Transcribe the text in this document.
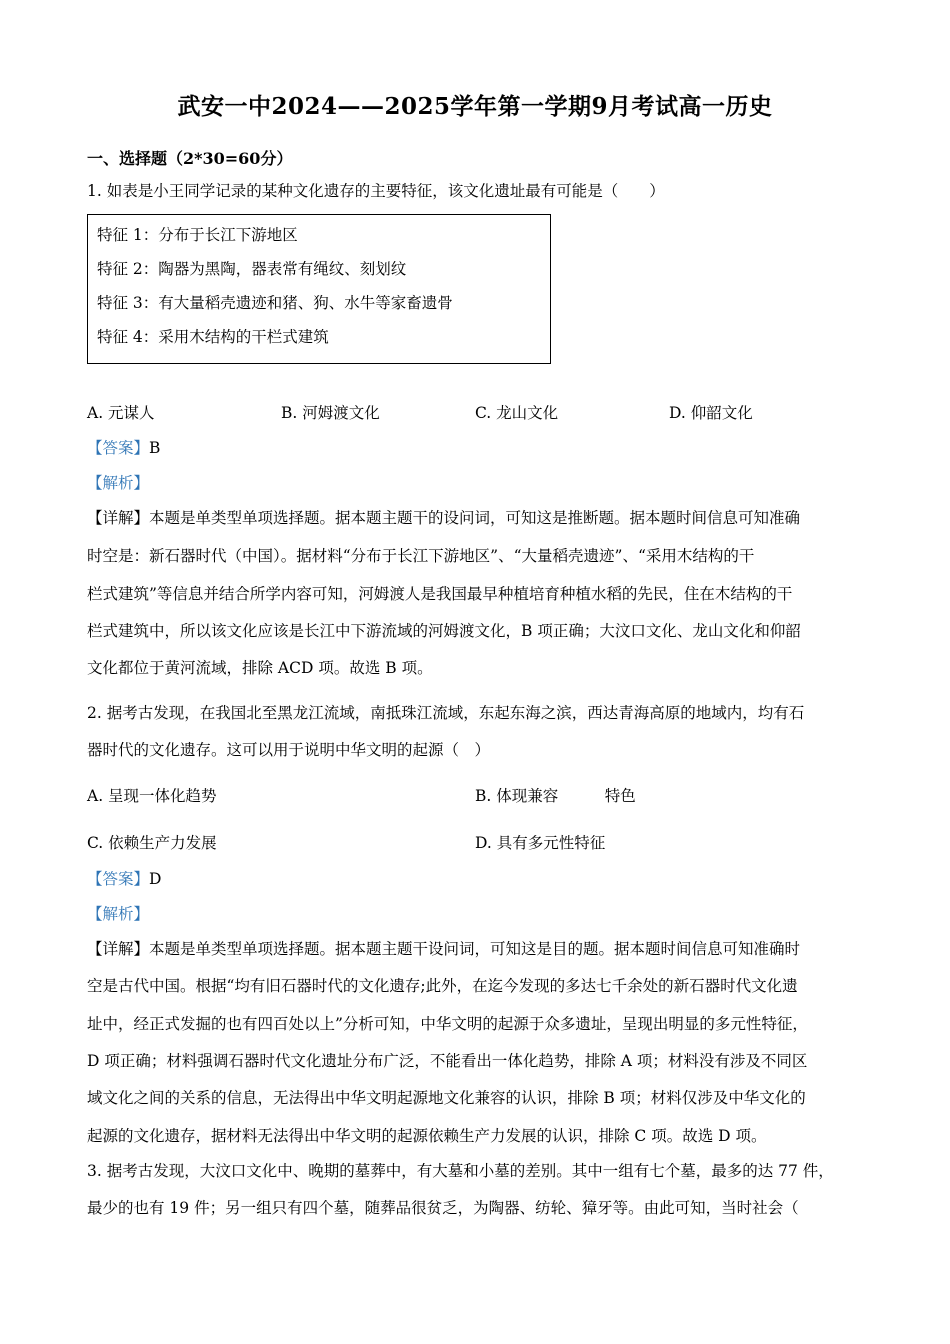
武安一中2024——2025学年第一学期9月考试高一历史
一、选择题（2*30=60分）
1. 如表是小王同学记录的某种文化遗存的主要特征，该文化遗址最有可能是（　　）
特征 1：分布于长江下游地区
特征 2：陶器为黑陶，器表常有绳纹、刻划纹
特征 3：有大量稻壳遗迹和猪、狗、水牛等家畜遗骨
特征 4：采用木结构的干栏式建筑
A. 元谋人	B. 河姆渡文化	C. 龙山文化	D. 仰韶文化
【答案】B
【解析】
【详解】本题是单类型单项选择题。据本题主题干的设问词，可知这是推断题。据本题时间信息可知准确
时空是：新石器时代（中国）。据材料“分布于长江下游地区”、“大量稻壳遗迹”、“采用木结构的干
栏式建筑”等信息并结合所学内容可知，河姆渡人是我国最早种植培育种植水稻的先民，住在木结构的干
栏式建筑中，所以该文化应该是长江中下游流域的河姆渡文化，B 项正确；大汶口文化、龙山文化和仰韶
文化都位于黄河流域，排除 ACD 项。故选 B 项。
2. 据考古发现，在我国北至黑龙江流域，南抵珠江流域，东起东海之滨，西达青海高原的地域内，均有石
器时代的文化遗存。这可以用于说明中华文明的起源（　）
A. 呈现一体化趋势	B. 体现兼容　　　特色
C. 依赖生产力发展	D. 具有多元性特征
【答案】D
【解析】
【详解】本题是单类型单项选择题。据本题主题干设问词，可知这是目的题。据本题时间信息可知准确时
空是古代中国。根据“均有旧石器时代的文化遗存;此外，在迄今发现的多达七千余处的新石器时代文化遗
址中，经正式发掘的也有四百处以上”分析可知，中华文明的起源于众多遗址，呈现出明显的多元性特征，
D 项正确；材料强调石器时代文化遗址分布广泛，不能看出一体化趋势，排除 A 项；材料没有涉及不同区
域文化之间的关系的信息，无法得出中华文明起源地文化兼容的认识，排除 B 项；材料仅涉及中华文化的
起源的文化遗存，据材料无法得出中华文明的起源依赖生产力发展的认识，排除 C 项。故选 D 项。
3. 据考古发现，大汶口文化中、晚期的墓葬中，有大墓和小墓的差别。其中一组有七个墓，最多的达 77 件，
最少的也有 19 件；另一组只有四个墓，随葬品很贫乏，为陶器、纺轮、獐牙等。由此可知，当时社会（
